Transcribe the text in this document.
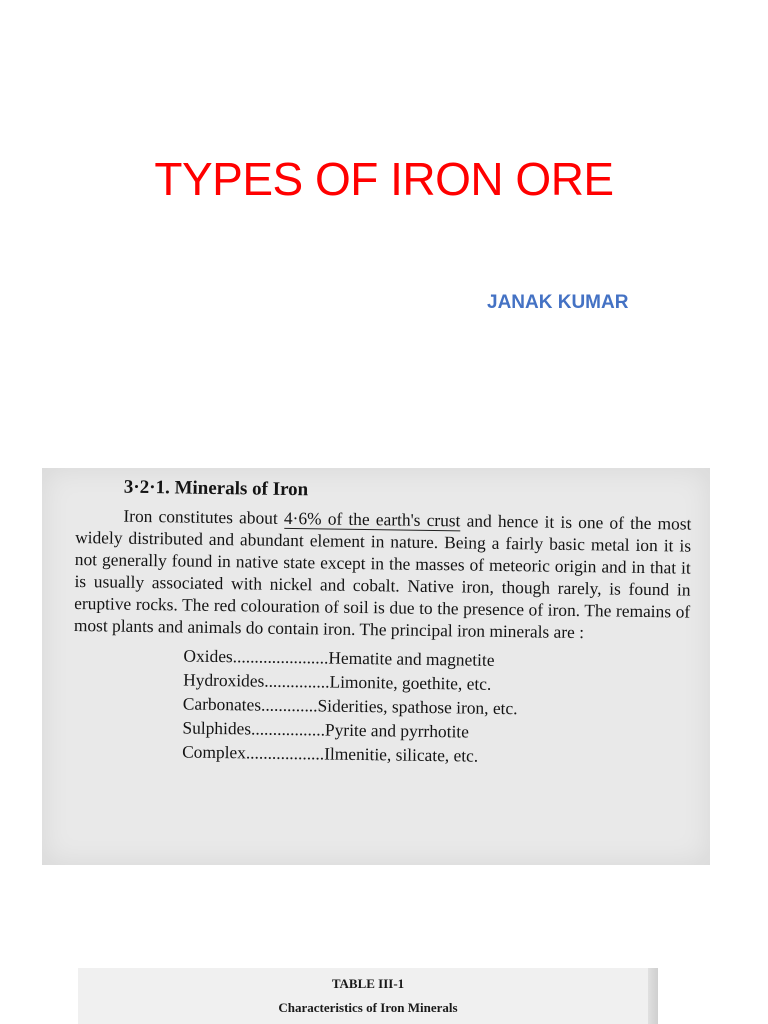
TYPES OF IRON ORE
JANAK KUMAR
3·2·1. Minerals of Iron
Iron constitutes about 4·6% of the earth's crust and hence it is one of the most widely distributed and abundant element in nature. Being a fairly basic metal ion it is not generally found in native state except in the masses of meteoric origin and in that it is usually associated with nickel and cobalt. Native iron, though rarely, is found in eruptive rocks. The red colouration of soil is due to the presence of iron. The remains of most plants and animals do contain iron. The principal iron minerals are :
Oxides...................... Hematite and magnetite
Hydroxides............... Limonite, goethite, etc.
Carbonates............. Siderities, spathose iron, etc.
Sulphides................. Pyrite and pyrrhotite
Complex.................. Ilmenitie, silicate, etc.
TABLE III-1
Characteristics of Iron Minerals
